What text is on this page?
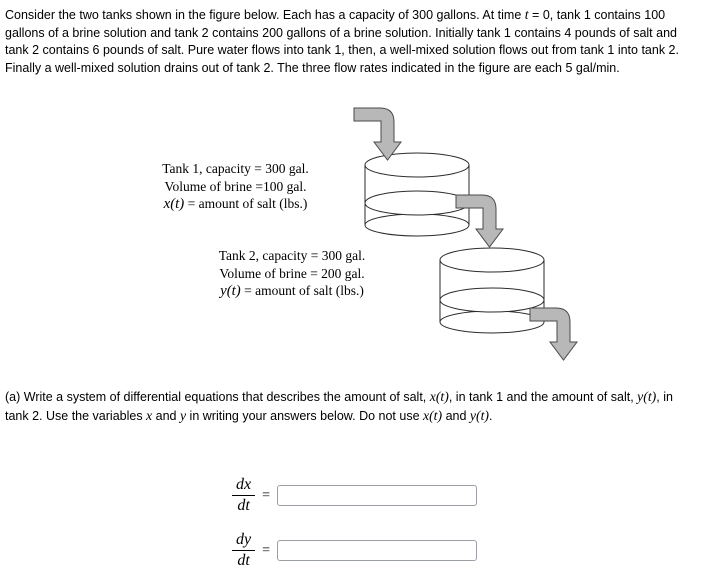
Consider the two tanks shown in the figure below. Each has a capacity of 300 gallons. At time t = 0, tank 1 contains 100 gallons of a brine solution and tank 2 contains 200 gallons of a brine solution. Initially tank 1 contains 4 pounds of salt and tank 2 contains 6 pounds of salt. Pure water flows into tank 1, then, a well-mixed solution flows out from tank 1 into tank 2. Finally a well-mixed solution drains out of tank 2. The three flow rates indicated in the figure are each 5 gal/min.
Tank 1, capacity = 300 gal.
Volume of brine =100 gal.
x(t) = amount of salt (lbs.)
Tank 2, capacity = 300 gal.
Volume of brine = 200 gal.
y(t) = amount of salt (lbs.)
(a) Write a system of differential equations that describes the amount of salt, x(t), in tank 1 and the amount of salt, y(t), in tank 2. Use the variables x and y in writing your answers below. Do not use x(t) and y(t).
$\frac{dx}{dt}$ =
$\frac{dy}{dt}$ =
